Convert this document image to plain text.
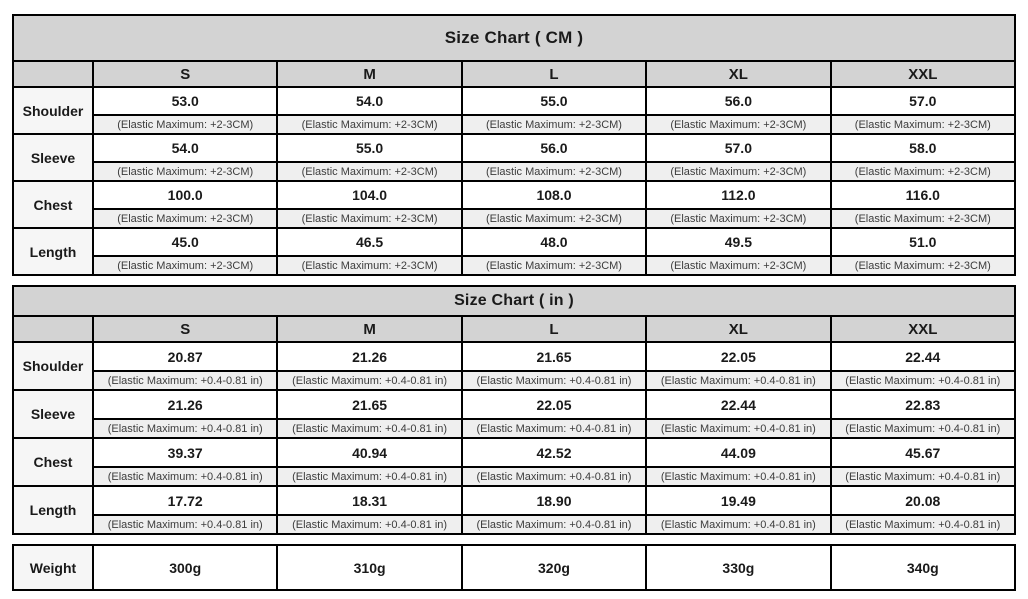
Size Chart ( CM )					
	S	M	L	XL	XXL
Shoulder	53.0	54.0	55.0	56.0	57.0
	(Elastic Maximum: +2-3CM)	(Elastic Maximum: +2-3CM)	(Elastic Maximum: +2-3CM)	(Elastic Maximum: +2-3CM)	(Elastic Maximum: +2-3CM)
Sleeve	54.0	55.0	56.0	57.0	58.0
	(Elastic Maximum: +2-3CM)	(Elastic Maximum: +2-3CM)	(Elastic Maximum: +2-3CM)	(Elastic Maximum: +2-3CM)	(Elastic Maximum: +2-3CM)
Chest	100.0	104.0	108.0	112.0	116.0
	(Elastic Maximum: +2-3CM)	(Elastic Maximum: +2-3CM)	(Elastic Maximum: +2-3CM)	(Elastic Maximum: +2-3CM)	(Elastic Maximum: +2-3CM)
Length	45.0	46.5	48.0	49.5	51.0
	(Elastic Maximum: +2-3CM)	(Elastic Maximum: +2-3CM)	(Elastic Maximum: +2-3CM)	(Elastic Maximum: +2-3CM)	(Elastic Maximum: +2-3CM)
Size Chart ( in )					
	S	M	L	XL	XXL
Shoulder	20.87	21.26	21.65	22.05	22.44
	(Elastic Maximum: +0.4-0.81 in)	(Elastic Maximum: +0.4-0.81 in)	(Elastic Maximum: +0.4-0.81 in)	(Elastic Maximum: +0.4-0.81 in)	(Elastic Maximum: +0.4-0.81 in)
Sleeve	21.26	21.65	22.05	22.44	22.83
	(Elastic Maximum: +0.4-0.81 in)	(Elastic Maximum: +0.4-0.81 in)	(Elastic Maximum: +0.4-0.81 in)	(Elastic Maximum: +0.4-0.81 in)	(Elastic Maximum: +0.4-0.81 in)
Chest	39.37	40.94	42.52	44.09	45.67
	(Elastic Maximum: +0.4-0.81 in)	(Elastic Maximum: +0.4-0.81 in)	(Elastic Maximum: +0.4-0.81 in)	(Elastic Maximum: +0.4-0.81 in)	(Elastic Maximum: +0.4-0.81 in)
Length	17.72	18.31	18.90	19.49	20.08
	(Elastic Maximum: +0.4-0.81 in)	(Elastic Maximum: +0.4-0.81 in)	(Elastic Maximum: +0.4-0.81 in)	(Elastic Maximum: +0.4-0.81 in)	(Elastic Maximum: +0.4-0.81 in)
Weight	300g	310g	320g	330g	340g
